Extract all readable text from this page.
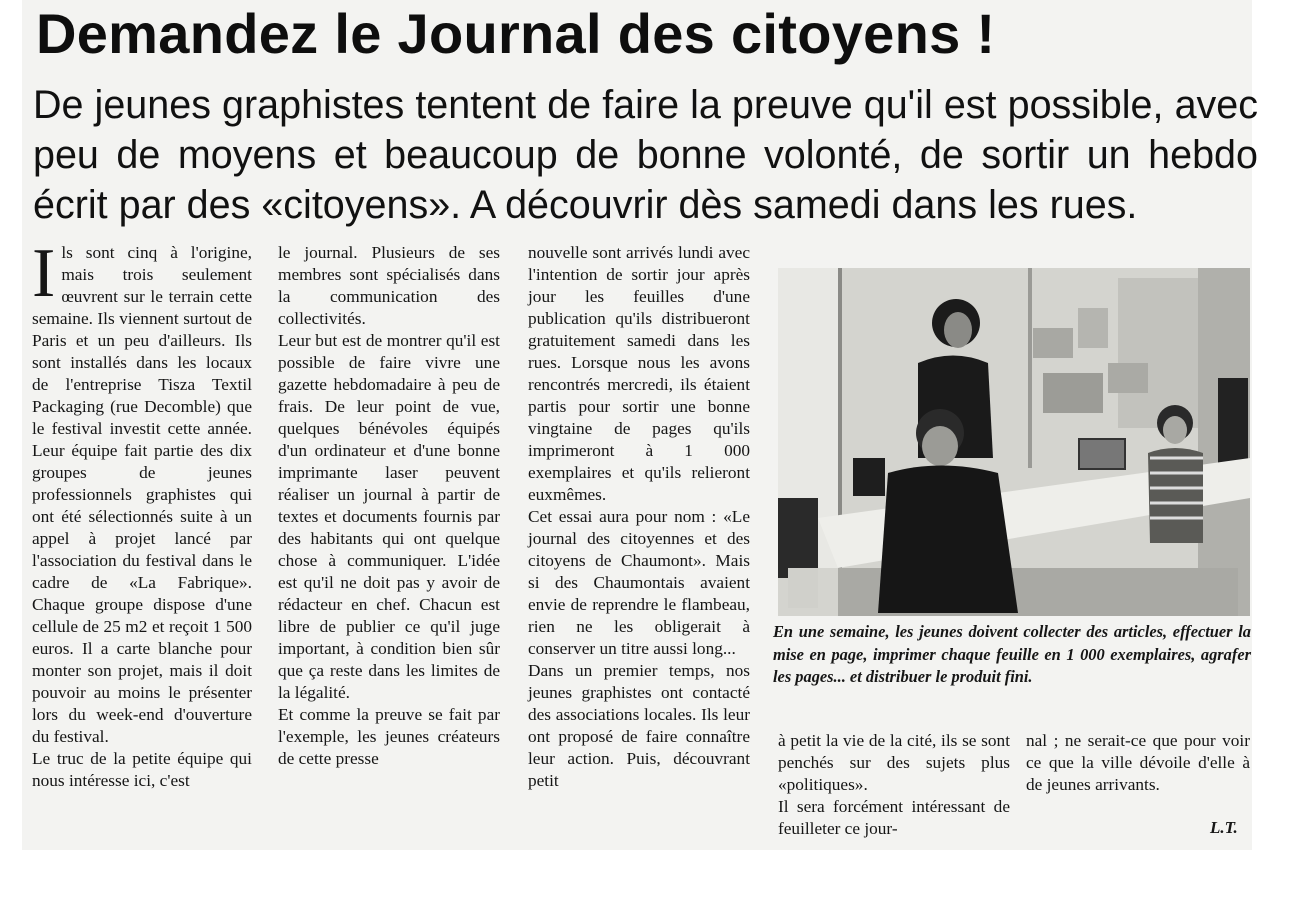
Demandez le Journal des citoyens !
De jeunes graphistes tentent de faire la preuve qu'il est possible, avec
peu de moyens et beaucoup de bonne volonté, de sortir un hebdo
écrit par des «citoyens». A découvrir dès samedi dans les rues.

Ils sont cinq à l'origine, mais trois seulement œuvrent sur le terrain cette semaine. Ils viennent surtout de Paris et un peu d'ailleurs. Ils sont installés dans les locaux de l'entreprise Tisza Textil Packaging (rue Decomble) que le festival investit cette année. Leur équipe fait partie des dix groupes de jeunes professionnels graphistes qui ont été sélectionnés suite à un appel à projet lancé par l'association du festival dans le cadre de «La Fabrique». Chaque groupe dispose d'une cellule de 25 m2 et reçoit 1 500 euros. Il a carte blanche pour monter son projet, mais il doit pouvoir au moins le présenter lors du week-end d'ouverture du festival.

Le truc de la petite équipe qui nous intéresse ici, c'est

le journal. Plusieurs de ses membres sont spécialisés dans la communication des collectivités.

Leur but est de montrer qu'il est possible de faire vivre une gazette hebdomadaire à peu de frais. De leur point de vue, quelques bénévoles équipés d'un ordinateur et d'une bonne imprimante laser peuvent réaliser un journal à partir de textes et documents fournis par des habitants qui ont quelque chose à communiquer. L'idée est qu'il ne doit pas y avoir de rédacteur en chef. Chacun est libre de publier ce qu'il juge important, à condition bien sûr que ça reste dans les limites de la légalité.

Et comme la preuve se fait par l'exemple, les jeunes créateurs de cette presse

nouvelle sont arrivés lundi avec l'intention de sortir jour après jour les feuilles d'une publication qu'ils distribueront gratuitement samedi dans les rues. Lorsque nous les avons rencontrés mercredi, ils étaient partis pour sortir une bonne vingtaine de pages qu'ils imprimeront à 1 000 exemplaires et qu'ils relieront euxmêmes.

Cet essai aura pour nom : «Le journal des citoyennes et des citoyens de Chaumont». Mais si des Chaumontais avaient envie de reprendre le flambeau, rien ne les obligerait à conserver un titre aussi long...

Dans un premier temps, nos jeunes graphistes ont contacté des associations locales. Ils leur ont proposé de faire connaître leur action. Puis, découvrant petit

En une semaine, les jeunes doivent collecter des articles, effectuer la mise en page, imprimer chaque feuille en 1 000 exemplaires, agrafer les pages... et distribuer le produit fini.

à petit la vie de la cité, ils se sont penchés sur des sujets plus «politiques».

Il sera forcément intéressant de feuilleter ce jour-

nal ; ne serait-ce que pour voir ce que la ville dévoile d'elle à de jeunes arrivants.

L.T.
